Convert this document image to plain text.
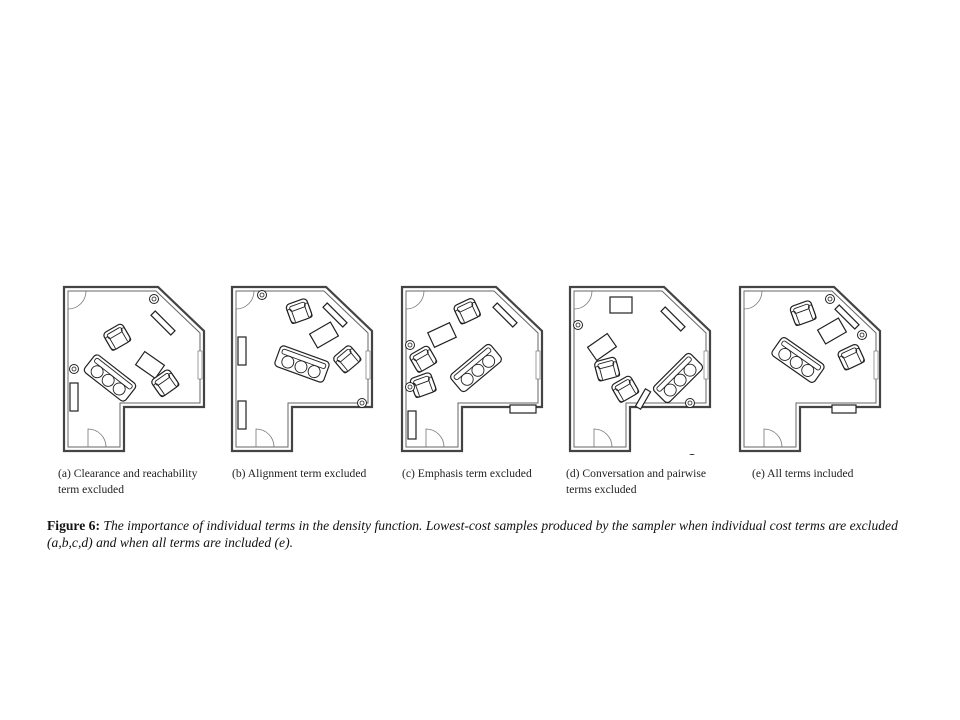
(a) Clearance and reachability term excluded
(b) Alignment term excluded	(c) Emphasis term excluded	(d) Conversation and pairwise terms excluded
(e) All terms included
Figure 6: The importance of individual terms in the density function. Lowest-cost samples produced by the sampler when individual cost terms are excluded (a,b,c,d) and when all terms are included (e).
